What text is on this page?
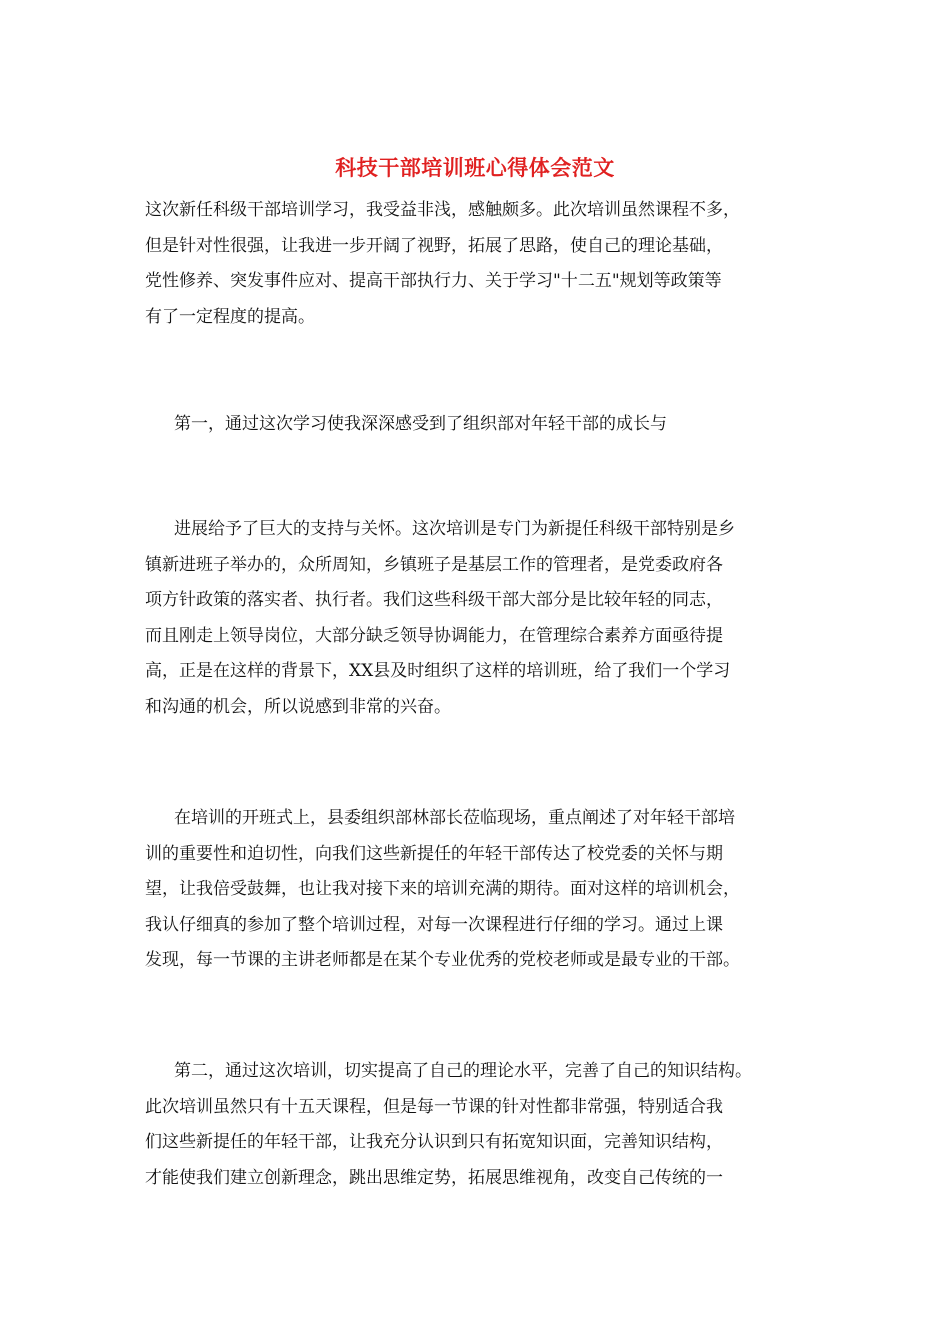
科技干部培训班心得体会范文
这次新任科级干部培训学习，我受益非浅，感触颇多。此次培训虽然课程不多，
但是针对性很强，让我进一步开阔了视野，拓展了思路，使自己的理论基础，
党性修养、突发事件应对、提高干部执行力、关于学习"十二五"规划等政策等
有了一定程度的提高。
第一，通过这次学习使我深深感受到了组织部对年轻干部的成长与
进展给予了巨大的支持与关怀。这次培训是专门为新提任科级干部特别是乡
镇新进班子举办的，众所周知，乡镇班子是基层工作的管理者，是党委政府各
项方针政策的落实者、执行者。我们这些科级干部大部分是比较年轻的同志，
而且刚走上领导岗位，大部分缺乏领导协调能力，在管理综合素养方面亟待提
高，正是在这样的背景下，XX县及时组织了这样的培训班，给了我们一个学习
和沟通的机会，所以说感到非常的兴奋。
在培训的开班式上，县委组织部林部长莅临现场，重点阐述了对年轻干部培
训的重要性和迫切性，向我们这些新提任的年轻干部传达了校党委的关怀与期
望，让我倍受鼓舞，也让我对接下来的培训充满的期待。面对这样的培训机会，
我认仔细真的参加了整个培训过程，对每一次课程进行仔细的学习。通过上课
发现，每一节课的主讲老师都是在某个专业优秀的党校老师或是最专业的干部。
第二，通过这次培训，切实提高了自己的理论水平，完善了自己的知识结构。
此次培训虽然只有十五天课程，但是每一节课的针对性都非常强，特别适合我
们这些新提任的年轻干部，让我充分认识到只有拓宽知识面，完善知识结构，
才能使我们建立创新理念，跳出思维定势，拓展思维视角，改变自己传统的一
